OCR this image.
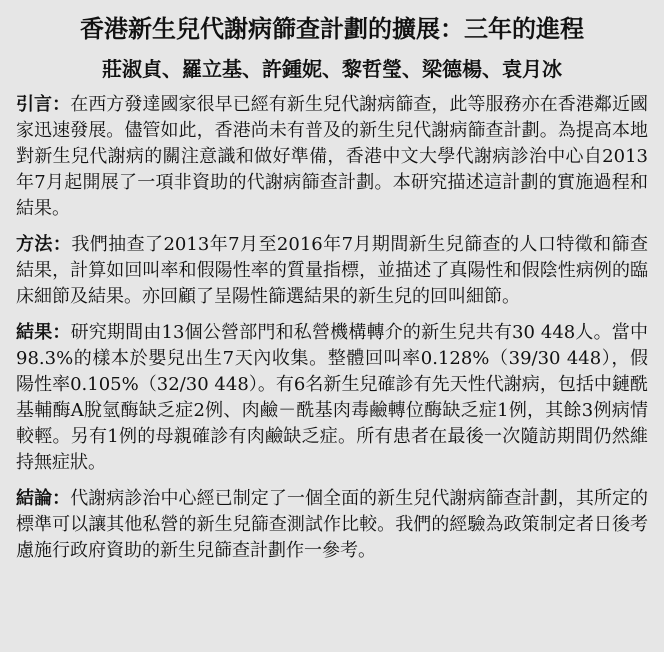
香港新生兒代謝病篩查計劃的擴展：三年的進程
莊淑貞、羅立基、許鍾妮、黎哲瑩、梁德楊、袁月冰

引言：在西方發達國家很早已經有新生兒代謝病篩查，此等服務亦在香港鄰近國家迅速發展。儘管如此，香港尚未有普及的新生兒代謝病篩查計劃。為提高本地對新生兒代謝病的關注意識和做好準備，香港中文大學代謝病診治中心自2013年7月起開展了一項非資助的代謝病篩查計劃。本研究描述這計劃的實施過程和結果。

方法：我們抽查了2013年7月至2016年7月期間新生兒篩查的人口特徵和篩查結果，計算如回叫率和假陽性率的質量指標，並描述了真陽性和假陰性病例的臨床細節及結果。亦回顧了呈陽性篩選結果的新生兒的回叫細節。

結果：研究期間由13個公營部門和私營機構轉介的新生兒共有30 448人。當中98.3%的樣本於嬰兒出生7天內收集。整體回叫率0.128%（39/30 448），假陽性率0.105%（32/30 448）。有6名新生兒確診有先天性代謝病，包括中鏈酰基輔酶A脫氫酶缺乏症2例、肉鹼－酰基肉毒鹼轉位酶缺乏症1例，其餘3例病情較輕。另有1例的母親確診有肉鹼缺乏症。所有患者在最後一次隨訪期間仍然維持無症狀。

結論：代謝病診治中心經已制定了一個全面的新生兒代謝病篩查計劃，其所定的標準可以讓其他私營的新生兒篩查測試作比較。我們的經驗為政策制定者日後考慮施行政府資助的新生兒篩查計劃作一參考。
